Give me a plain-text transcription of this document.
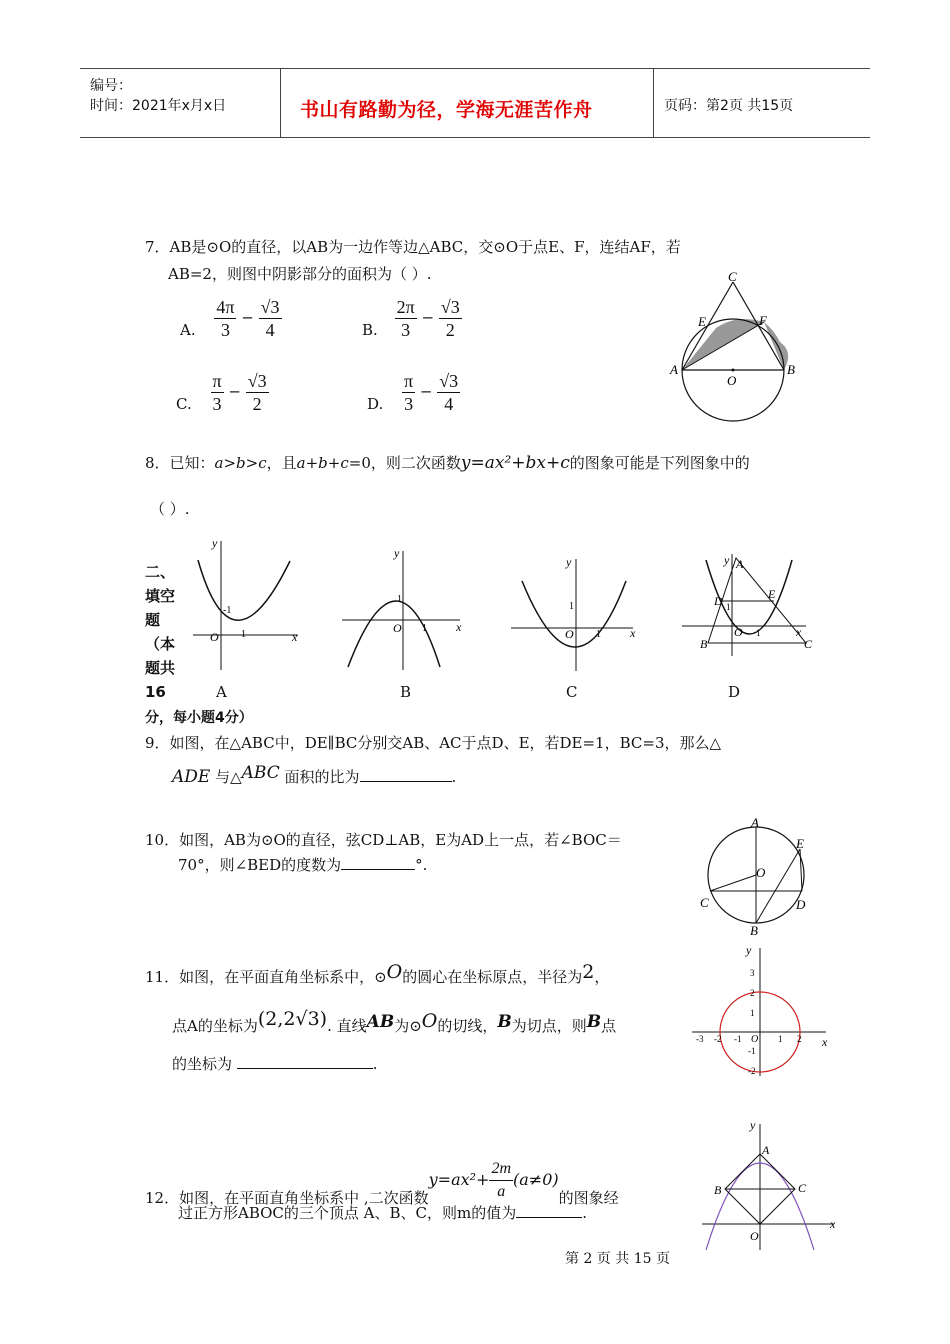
编号：
时间：2021年x月x日	书山有路勤为径，学海无涯苦作舟	页码：第2页 共15页
7．AB是⊙O的直径，以AB为一边作等边△ABC，交⊙O于点E、F，连结AF，若
AB=2，则图中阴影部分的面积为（ ）.
A. $\frac{4\pi}{3} - \frac{√3}{4}$	B. $\frac{2\pi}{3} - \frac{√3}{2}$
C. $\frac{\pi}{3} - \frac{√3}{2}$	D. $\frac{\pi}{3} - \frac{√3}{4}$
C
E	F
A
O
B
8．已知：a>b>c，且a+b+c=0，则二次函数y=ax²+bx+c的图象可能是下列图象中的
（ ）.
二、
填空
题
（本
题共
16
分，每小题4分）
x
y
O 1
-1
A
x
y
O
1
1
B
x
y
O
1
1
C
y A
D	E
O
1
1
B	C
x
D
9．如图，在△ABC中，DE∥BC分别交AB、AC于点D、E，若DE=1，BC=3，那么△
ADE 与△ABC 面积的比为	.
10．如图，AB为⊙O的直径，弦CD⊥AB，E为AD上一点，若∠BOC＝
70°，则∠BED的度数为	°.
A
E
O
C	D
B
11．如图，在平面直角坐标系中，⊙O的圆心在坐标原点，半径为2，
点A的坐标为(2,2√3). 直线AB为⊙O的切线，B为切点，则B点
的坐标为	.
x
y
-3 -2 -1 O 1 2
3
2
1
-1
-2
12．如图，在平面直角坐标系中 ,二次函数$y=ax^2+ \frac{2m}{a} (a\ne 0)$的图象经
过正方形ABOC的三个顶点 A、B、C，则m的值为	.
y
A
B	C
O
x
第 2 页 共 15 页
